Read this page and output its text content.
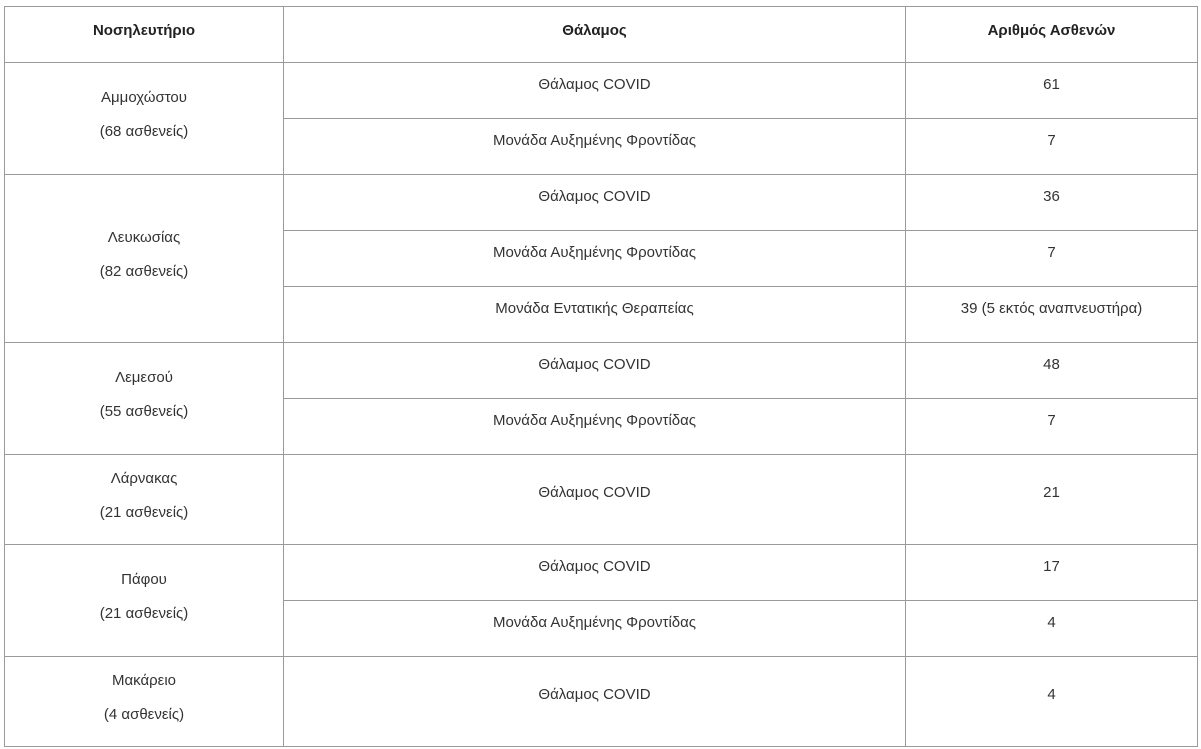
Νοσηλευτήριο	Θάλαμος	Αριθμός Ασθενών

Αμμοχώστου
(68 ασθενείς)	Θάλαμος COVID	61
	Μονάδα Αυξημένης Φροντίδας	7

Λευκωσίας
(82 ασθενείς)	Θάλαμος COVID	36
	Μονάδα Αυξημένης Φροντίδας	7
	Μονάδα Εντατικής Θεραπείας	39 (5 εκτός αναπνευστήρα)

Λεμεσού
(55 ασθενείς)	Θάλαμος COVID	48
	Μονάδα Αυξημένης Φροντίδας	7

Λάρνακας
(21 ασθενείς)	Θάλαμος COVID	21

Πάφου
(21 ασθενείς)	Θάλαμος COVID	17
	Μονάδα Αυξημένης Φροντίδας	4

Μακάρειο
(4 ασθενείς)	Θάλαμος COVID	4
